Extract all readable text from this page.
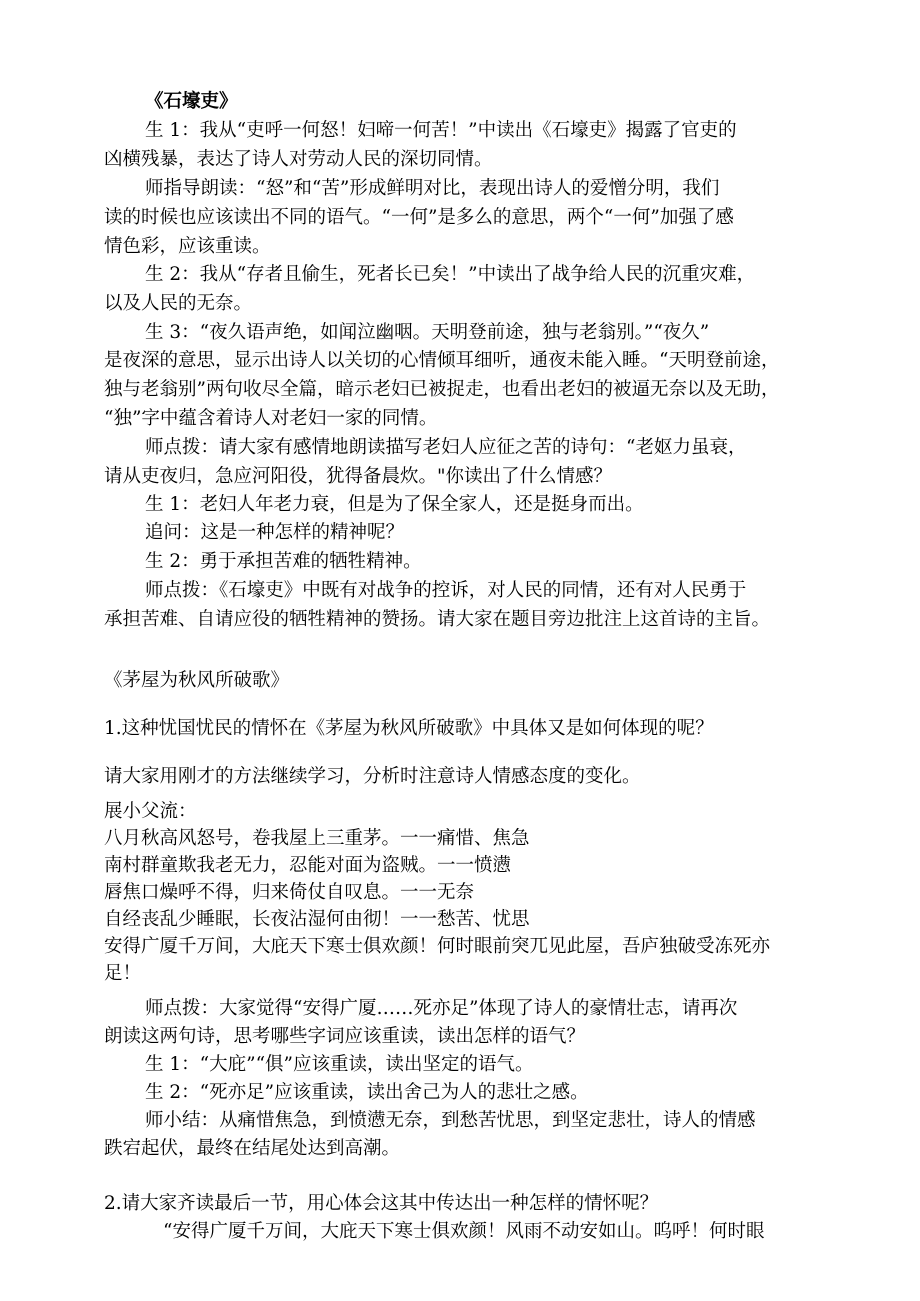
《石壕吏》
生 1：我从“吏呼一何怒！妇啼一何苦！”中读出《石壕吏》揭露了官吏的
凶横残暴，表达了诗人对劳动人民的深切同情。
师指导朗读：“怒”和“苦”形成鲜明对比，表现出诗人的爱憎分明，我们
读的时候也应该读出不同的语气。“一何”是多么的意思，两个“一何”加强了感
情色彩，应该重读。
生 2：我从“存者且偷生，死者长已矣！”中读出了战争给人民的沉重灾难，
以及人民的无奈。
生 3：“夜久语声绝，如闻泣幽咽。天明登前途，独与老翁别。”“夜久”
是夜深的意思，显示出诗人以关切的心情倾耳细听，通夜未能入睡。“天明登前途，
独与老翁别”两句收尽全篇，暗示老妇已被捉走，也看出老妇的被逼无奈以及无助，
“独”字中蕴含着诗人对老妇一家的同情。
师点拨：请大家有感情地朗读描写老妇人应征之苦的诗句：“老妪力虽衰，
请从吏夜归，急应河阳役，犹得备晨炊。"你读出了什么情感？
生 1：老妇人年老力衰，但是为了保全家人，还是挺身而出。
追问：这是一种怎样的精神呢？
生 2：勇于承担苦难的牺牲精神。
师点拨：《石壕吏》中既有对战争的控诉，对人民的同情，还有对人民勇于
承担苦难、自请应役的牺牲精神的赞扬。请大家在题目旁边批注上这首诗的主旨。
《茅屋为秋风所破歌》
1.这种忧国忧民的情怀在《茅屋为秋风所破歌》中具体又是如何体现的呢？
请大家用刚才的方法继续学习，分析时注意诗人情感态度的变化。
展小父流：
八月秋高风怒号，卷我屋上三重茅。一一痛惜、焦急
南村群童欺我老无力，忍能对面为盗贼。一一愤懑
唇焦口燥呼不得，归来倚仗自叹息。一一无奈
自经丧乱少睡眠，长夜沾湿何由彻！一一愁苦、忧思
安得广厦千万间，大庇天下寒士俱欢颜！何时眼前突兀见此屋，吾庐独破受冻死亦
足！
师点拨：大家觉得“安得广厦……死亦足”体现了诗人的豪情壮志，请再次
朗读这两句诗，思考哪些字词应该重读，读出怎样的语气？
生 1：“大庇”“俱”应该重读，读出坚定的语气。
生 2：“死亦足”应该重读，读出舍己为人的悲壮之感。
师小结：从痛惜焦急，到愤懑无奈，到愁苦忧思，到坚定悲壮，诗人的情感
跌宕起伏，最终在结尾处达到高潮。
2.请大家齐读最后一节，用心体会这其中传达出一种怎样的情怀呢？
“安得广厦千万间，大庇天下寒士俱欢颜！风雨不动安如山。呜呼！何时眼
